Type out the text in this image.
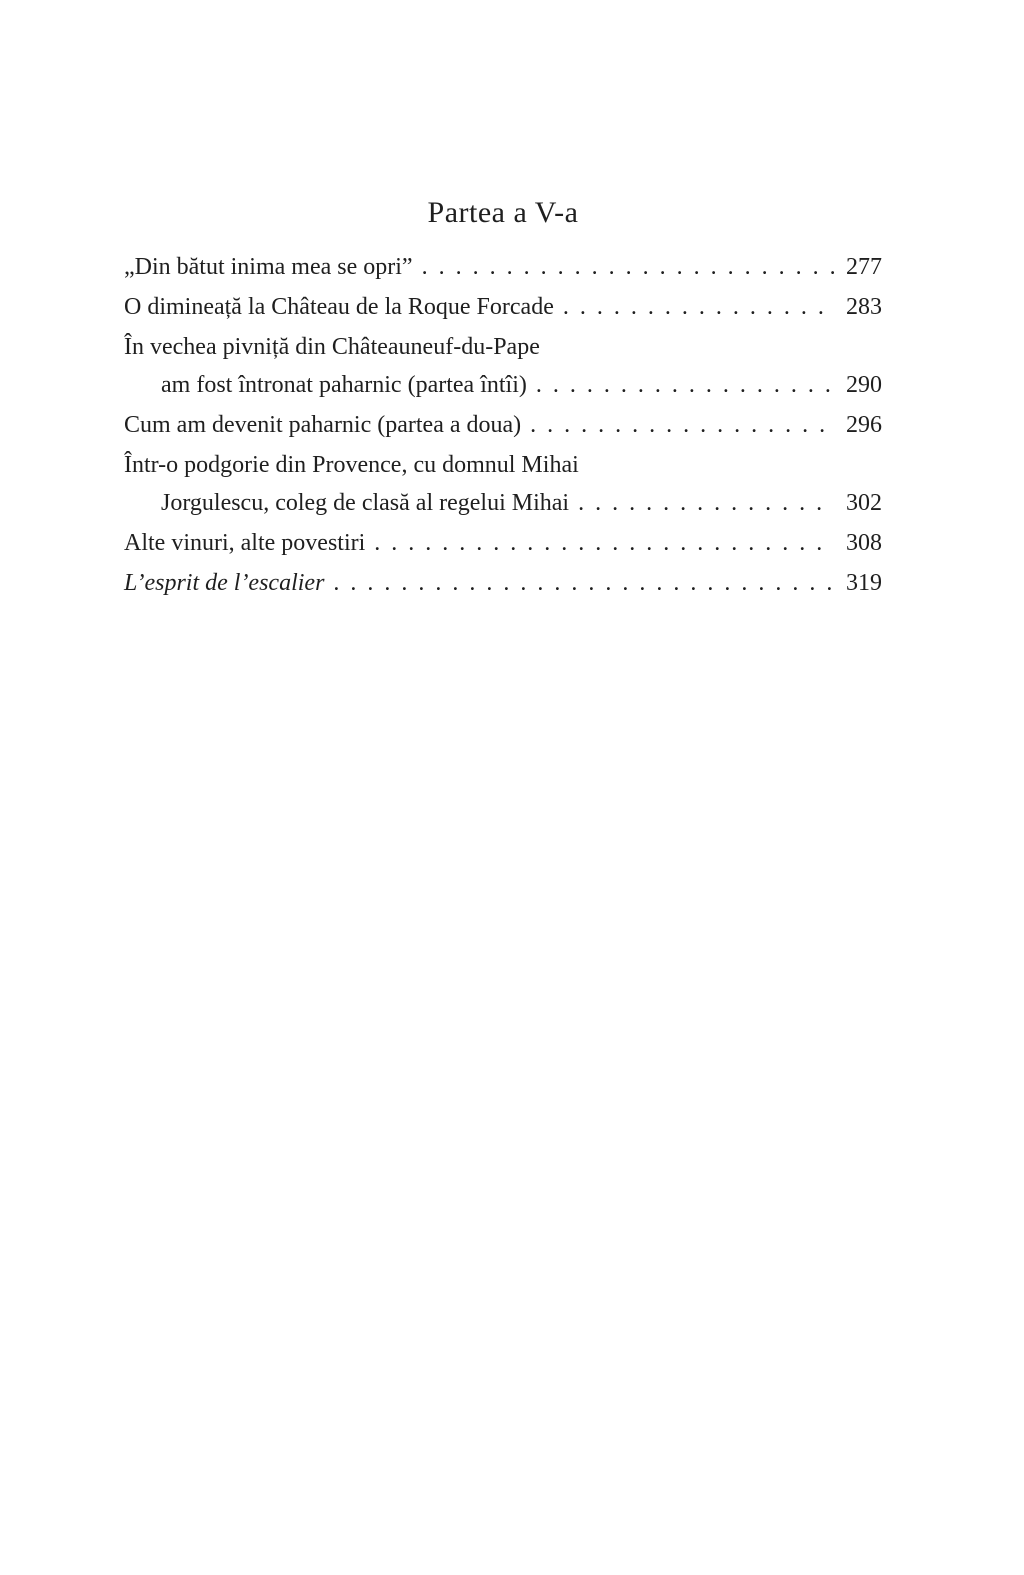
Partea a V-a
„Din bătut inima mea se opri” .....	277
O dimineață la Château de la Roque Forcade .....	283
În vechea pivniță din Châteauneuf-du-Pape
am fost întronat paharnic (partea întîi) .....	290
Cum am devenit paharnic (partea a doua) .....	296
Într-o podgorie din Provence, cu domnul Mihai
Jorgulescu, coleg de clasă al regelui Mihai .....	302
Alte vinuri, alte povestiri .....	308
L’esprit de l’escalier .....	319
